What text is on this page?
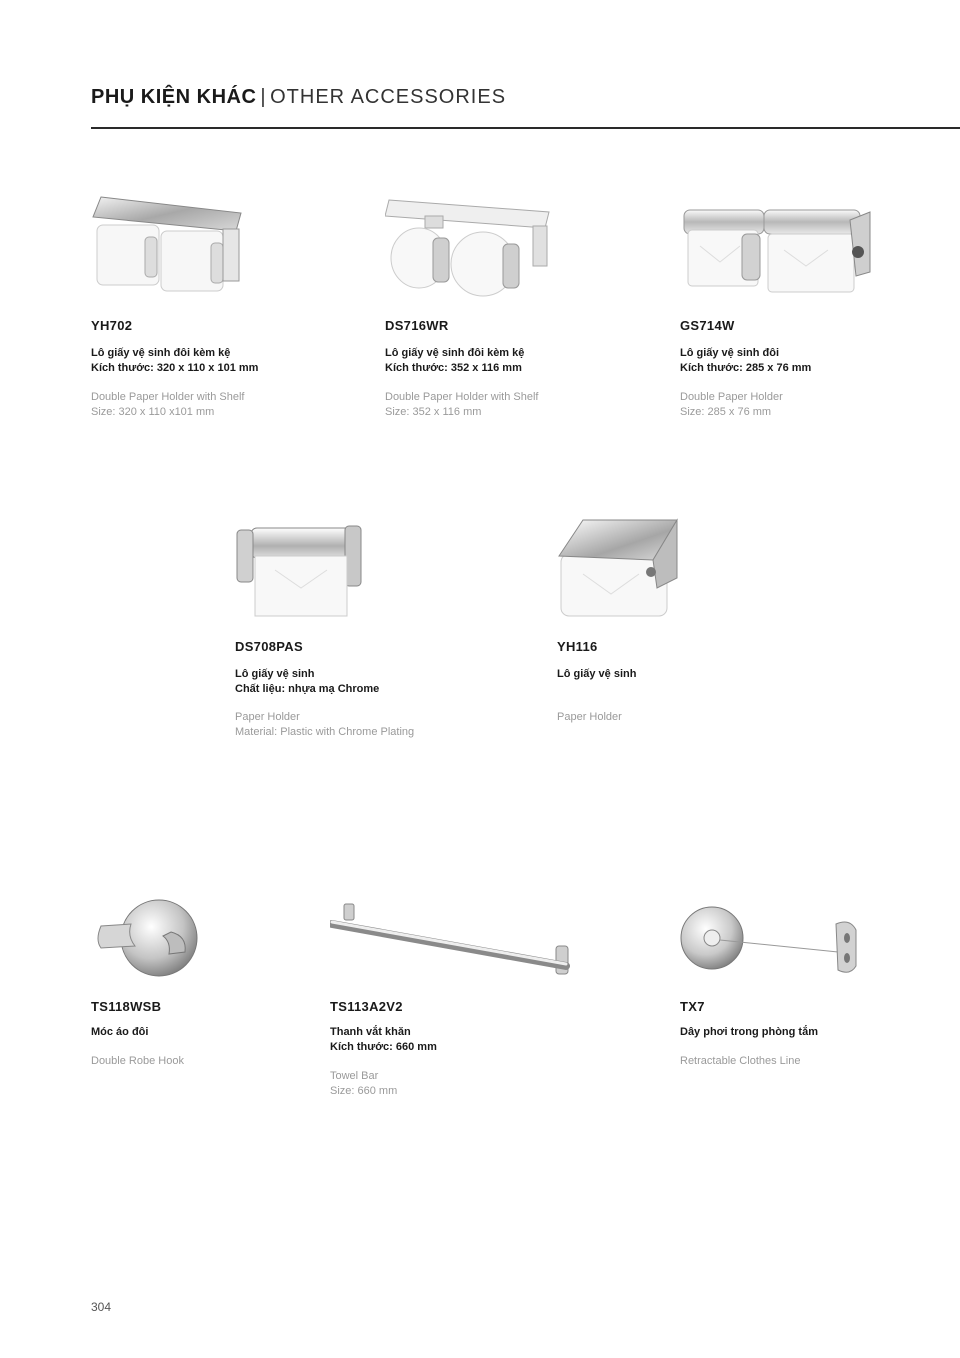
PHỤ KIỆN KHÁC | OTHER ACCESSORIES
YH702
Lô giấy vệ sinh đôi kèm kệ
Kích thước: 320 x 110 x 101 mm
Double Paper Holder with Shelf
Size: 320 x 110 x101 mm
DS716WR
Lô giấy vệ sinh đôi kèm kệ
Kích thước: 352 x 116 mm
Double Paper Holder with Shelf
Size: 352 x 116 mm
GS714W
Lô giấy vệ sinh đôi
Kích thước: 285 x 76 mm
Double Paper Holder
Size: 285 x 76 mm
DS708PAS
Lô giấy vệ sinh
Chất liệu: nhựa mạ Chrome
Paper Holder
Material: Plastic with Chrome Plating
YH116
Lô giấy vệ sinh
Paper Holder
TS118WSB
Móc áo đôi
Double Robe Hook
TS113A2V2
Thanh vắt khăn
Kích thước: 660 mm
Towel Bar
Size: 660 mm
TX7
Dây phơi trong phòng tắm
Retractable Clothes Line
304
